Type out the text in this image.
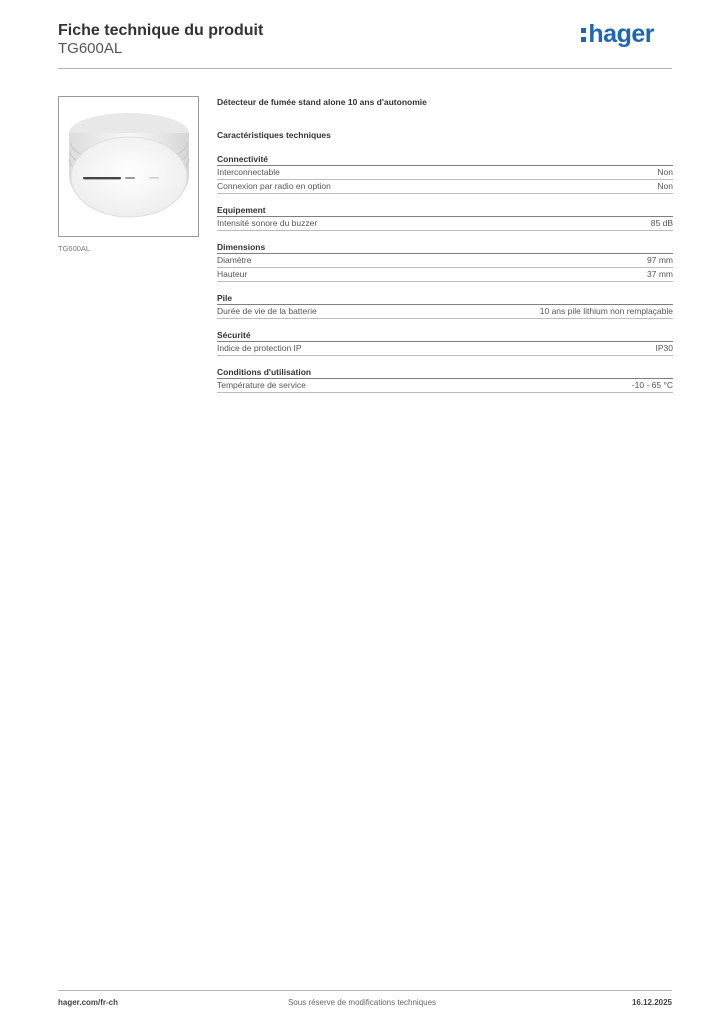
Fiche technique du produit
TG600AL
hager
TG600AL
Détecteur de fumée stand alone 10 ans d'autonomie
Caractéristiques techniques
Connectivité
Interconnectable	Non
Connexion par radio en option	Non
Equipement
Intensité sonore du buzzer	85 dB
Dimensions
Diamètre	97 mm
Hauteur	37 mm
Pile
Durée de vie de la batterie	10 ans pile lithium non remplaçable
Sécurité
Indice de protection IP	IP30
Conditions d'utilisation
Température de service	-10 - 65 °C
hager.com/fr-ch	Sous réserve de modifications techniques	16.12.2025
